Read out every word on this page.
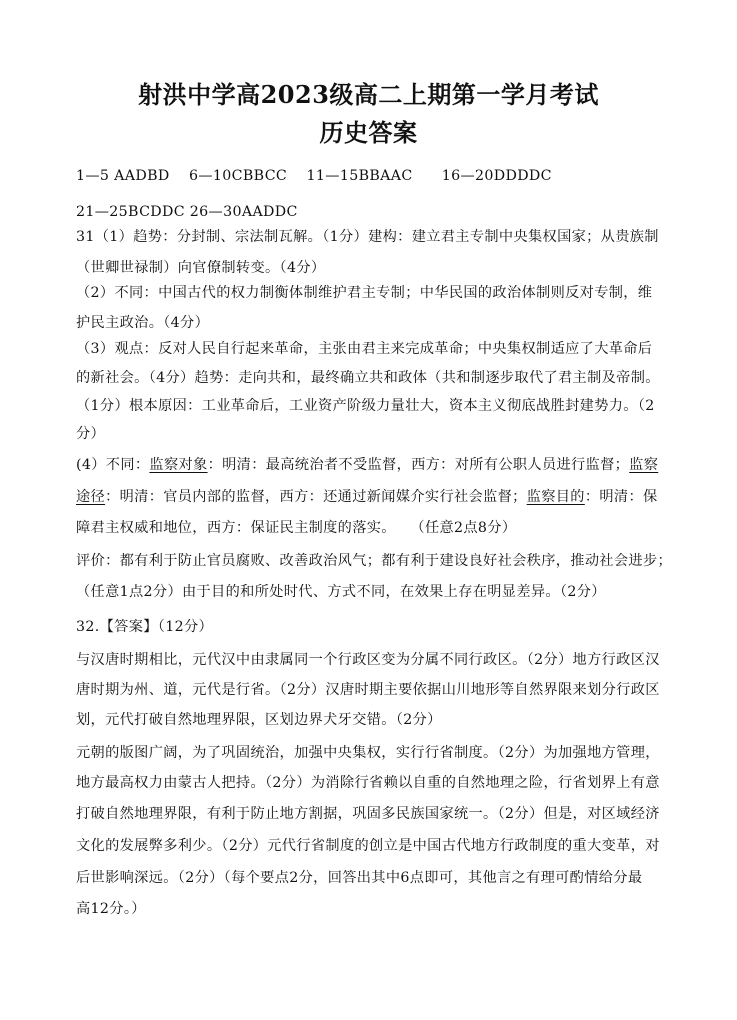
射洪中学高2023级高二上期第一学月考试
历史答案
1—5 AADBD    6—10CBBCC    11—15BBAAC      16—20DDDDC
21—25BCDDC 26—30AADDC
31（1）趋势：分封制、宗法制瓦解。（1分）建构：建立君主专制中央集权国家；从贵族制
（世卿世禄制）向官僚制转变。（4分）
（2）不同：中国古代的权力制衡体制维护君主专制；中华民国的政治体制则反对专制，维
护民主政治。（4分）
（3）观点：反对人民自行起来革命，主张由君主来完成革命；中央集权制适应了大革命后
的新社会。（4分）趋势：走向共和，最终确立共和政体（共和制逐步取代了君主制及帝制。
（1分）根本原因：工业革命后，工业资产阶级力量壮大，资本主义彻底战胜封建势力。（2
分）
(4）不同：监察对象：明清：最高统治者不受监督，西方：对所有公职人员进行监督；监察
途径：明清：官员内部的监督，西方：还通过新闻媒介实行社会监督；监察目的：明清：保
障君主权威和地位，西方：保证民主制度的落实。   （任意2点8分）
评价：都有利于防止官员腐败、改善政治风气；都有利于建设良好社会秩序，推动社会进步；
（任意1点2分）由于目的和所处时代、方式不同，在效果上存在明显差异。（2分）
32.【答案】（12分）
与汉唐时期相比，元代汉中由隶属同一个行政区变为分属不同行政区。（2分）地方行政区汉
唐时期为州、道，元代是行省。（2分）汉唐时期主要依据山川地形等自然界限来划分行政区
划，元代打破自然地理界限，区划边界犬牙交错。（2分）
元朝的版图广阔，为了巩固统治，加强中央集权，实行行省制度。（2分）为加强地方管理，
地方最高权力由蒙古人把持。（2分）为消除行省赖以自重的自然地理之险，行省划界上有意
打破自然地理界限，有利于防止地方割据，巩固多民族国家统一。（2分）但是，对区域经济
文化的发展弊多利少。（2分）元代行省制度的创立是中国古代地方行政制度的重大变革，对
后世影响深远。（2分）（每个要点2分，回答出其中6点即可，其他言之有理可酌情给分最
高12分。）
